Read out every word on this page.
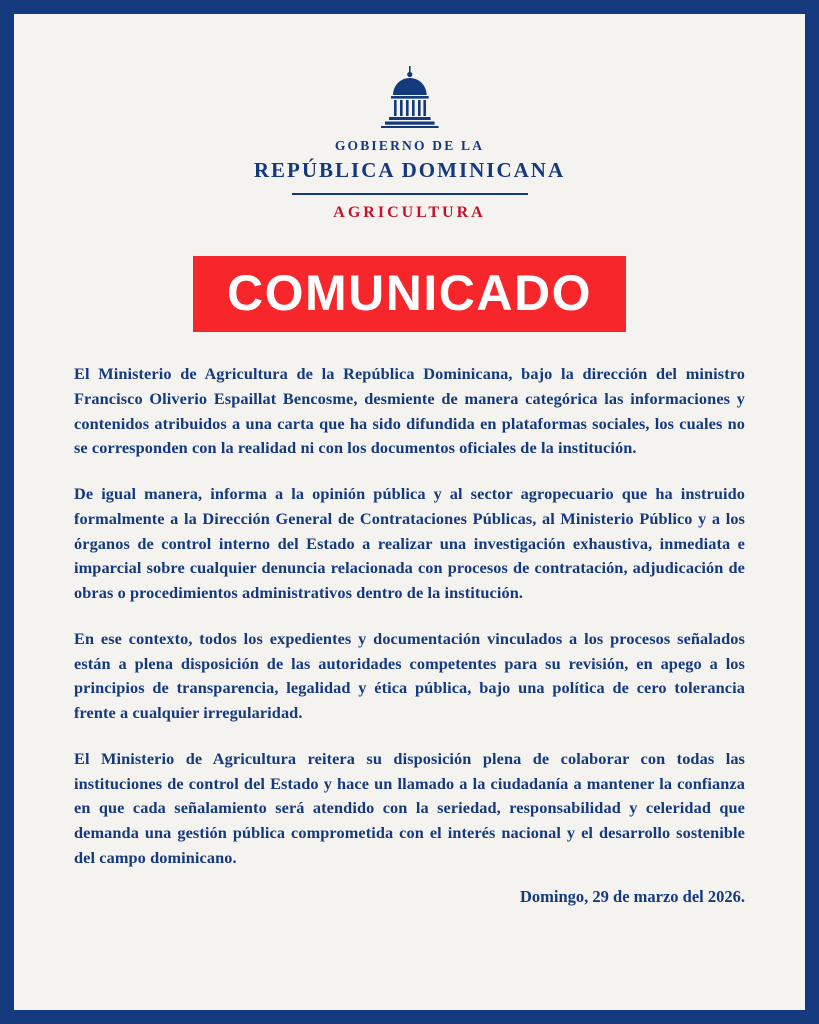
GOBIERNO DE LA
REPÚBLICA DOMINICANA
AGRICULTURA
COMUNICADO

El Ministerio de Agricultura de la República Dominicana, bajo la dirección del ministro Francisco Oliverio Espaillat Bencosme, desmiente de manera categórica las informaciones y contenidos atribuidos a una carta que ha sido difundida en plataformas sociales, los cuales no se corresponden con la realidad ni con los documentos oficiales de la institución.

De igual manera, informa a la opinión pública y al sector agropecuario que ha instruido formalmente a la Dirección General de Contrataciones Públicas, al Ministerio Público y a los órganos de control interno del Estado a realizar una investigación exhaustiva, inmediata e imparcial sobre cualquier denuncia relacionada con procesos de contratación, adjudicación de obras o procedimientos administrativos dentro de la institución.

En ese contexto, todos los expedientes y documentación vinculados a los procesos señalados están a plena disposición de las autoridades competentes para su revisión, en apego a los principios de transparencia, legalidad y ética pública, bajo una política de cero tolerancia frente a cualquier irregularidad.

El Ministerio de Agricultura reitera su disposición plena de colaborar con todas las instituciones de control del Estado y hace un llamado a la ciudadanía a mantener la confianza en que cada señalamiento será atendido con la seriedad, responsabilidad y celeridad que demanda una gestión pública comprometida con el interés nacional y el desarrollo sostenible del campo dominicano.

Domingo, 29 de marzo del 2026.
